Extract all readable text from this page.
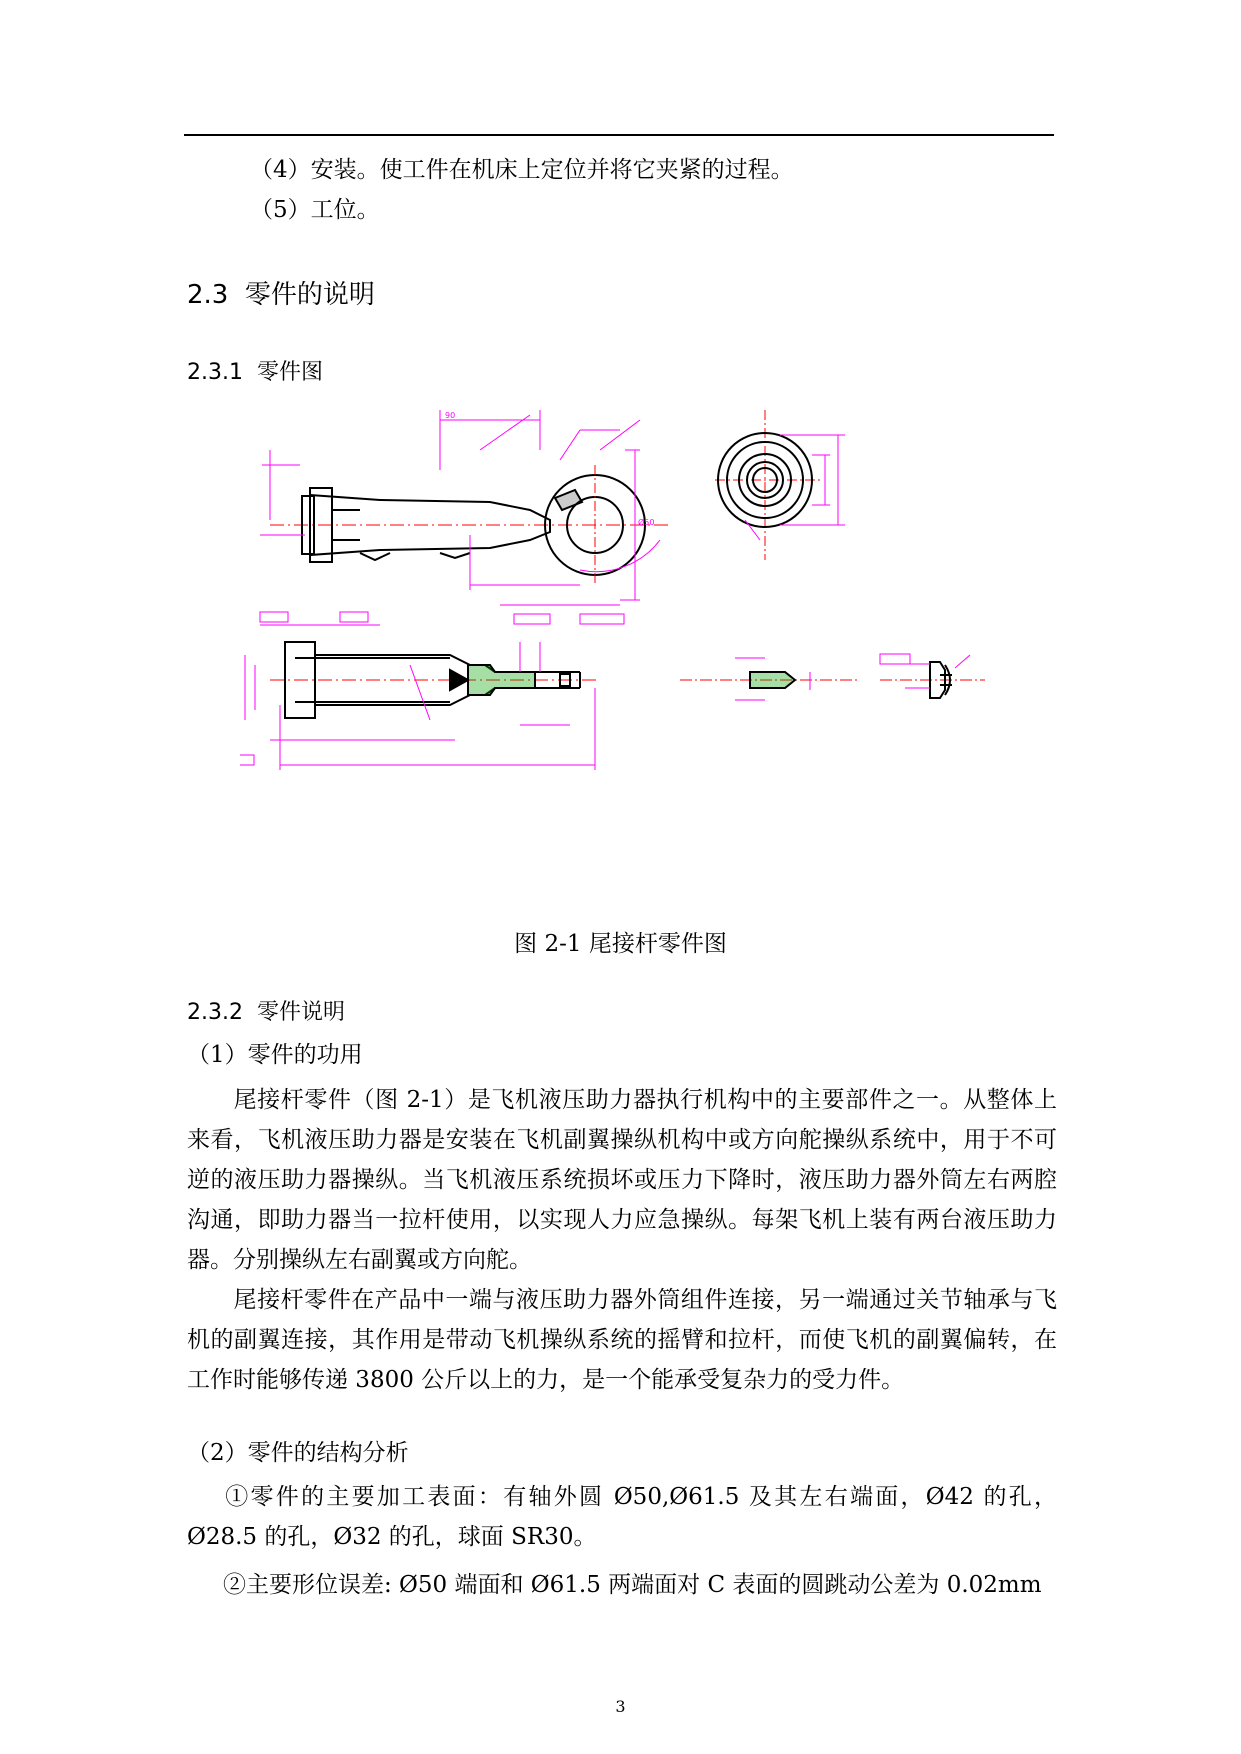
（4）安装。使工件在机床上定位并将它夹紧的过程。
（5）工位。
2.3 零件的说明
2.3.1 零件图
90
Ø50
图 2-1 尾接杆零件图
2.3.2 零件说明
（1）零件的功用
尾接杆零件（图 2-1）是飞机液压助力器执行机构中的主要部件之一。从整体上来看，飞机液压助力器是安装在飞机副翼操纵机构中或方向舵操纵系统中，用于不可逆的液压助力器操纵。当飞机液压系统损坏或压力下降时，液压助力器外筒左右两腔沟通，即助力器当一拉杆使用，以实现人力应急操纵。每架飞机上装有两台液压助力器。分别操纵左右副翼或方向舵。
尾接杆零件在产品中一端与液压助力器外筒组件连接，另一端通过关节轴承与飞机的副翼连接，其作用是带动飞机操纵系统的摇臂和拉杆，而使飞机的副翼偏转，在工作时能够传递 3800 公斤以上的力，是一个能承受复杂力的受力件。
（2）零件的结构分析
①零件的主要加工表面：有轴外圆 Ø50,Ø61.5 及其左右端面，Ø42 的孔，Ø28.5 的孔，Ø32 的孔，球面 SR30。
②主要形位误差: Ø50 端面和 Ø61.5 两端面对 C 表面的圆跳动公差为 0.02mm
3
